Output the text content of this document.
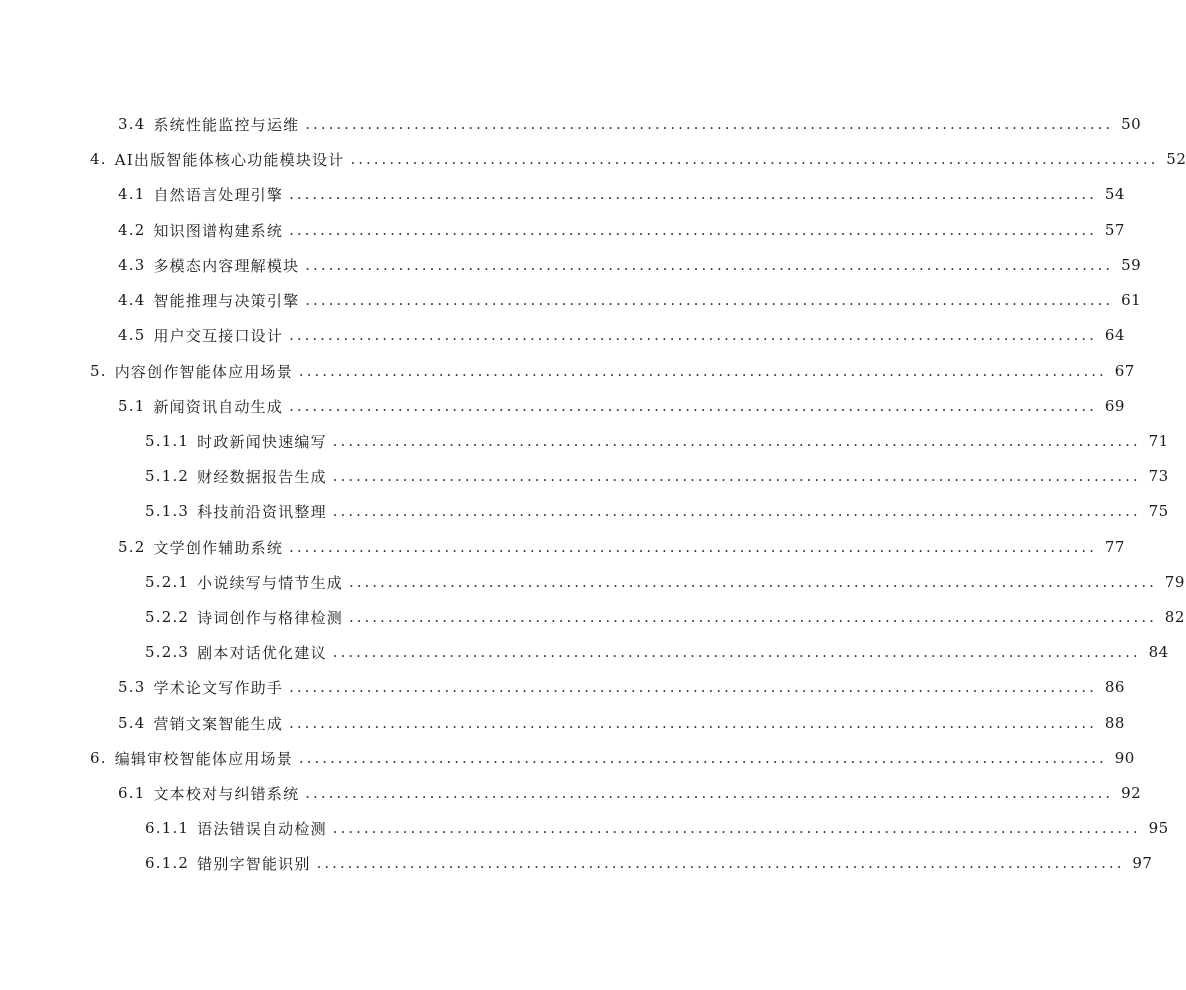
3.4 系统性能监控与运维 ........................................................................................................ 50
4. AI出版智能体核心功能模块设计 ........................................................................................................ 52
4.1 自然语言处理引擎 ........................................................................................................ 54
4.2 知识图谱构建系统 ........................................................................................................ 57
4.3 多模态内容理解模块 ........................................................................................................ 59
4.4 智能推理与决策引擎 ........................................................................................................ 61
4.5 用户交互接口设计 ........................................................................................................ 64
5. 内容创作智能体应用场景 ........................................................................................................ 67
5.1 新闻资讯自动生成 ........................................................................................................ 69
5.1.1 时政新闻快速编写 ........................................................................................................ 71
5.1.2 财经数据报告生成 ........................................................................................................ 73
5.1.3 科技前沿资讯整理 ........................................................................................................ 75
5.2 文学创作辅助系统 ........................................................................................................ 77
5.2.1 小说续写与情节生成 ........................................................................................................ 79
5.2.2 诗词创作与格律检测 ........................................................................................................ 82
5.2.3 剧本对话优化建议 ........................................................................................................ 84
5.3 学术论文写作助手 ........................................................................................................ 86
5.4 营销文案智能生成 ........................................................................................................ 88
6. 编辑审校智能体应用场景 ........................................................................................................ 90
6.1 文本校对与纠错系统 ........................................................................................................ 92
6.1.1 语法错误自动检测 ........................................................................................................ 95
6.1.2 错别字智能识别 ........................................................................................................ 97
